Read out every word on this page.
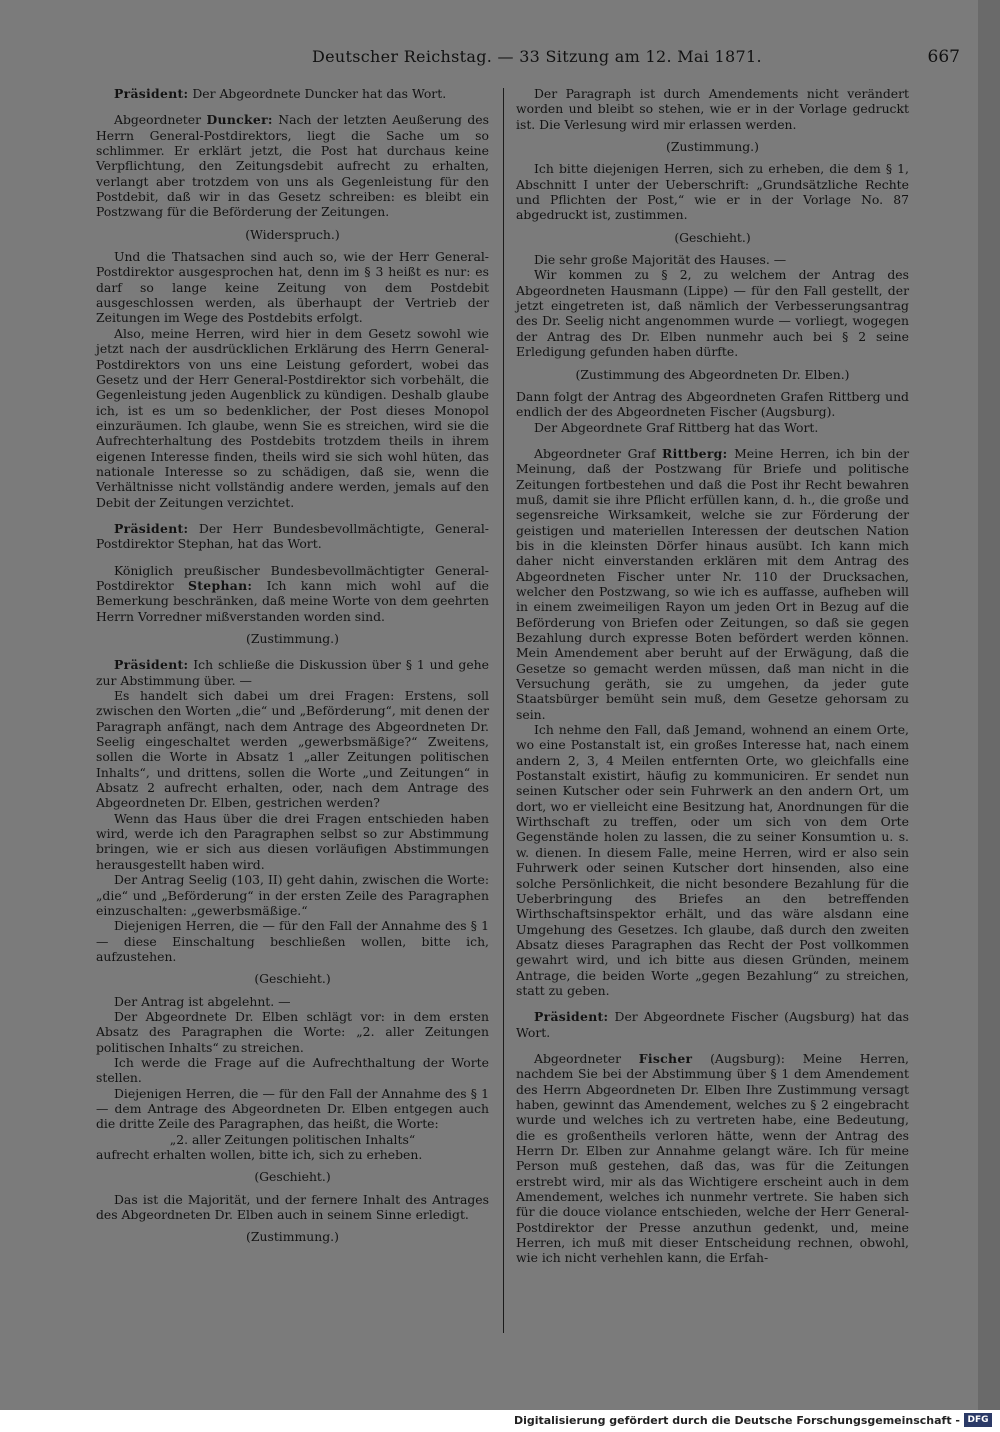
Deutscher Reichstag. — 33 Sitzung am 12. Mai 1871.	667

Präsident: Der Abgeordnete Duncker hat das Wort.

Abgeordneter Duncker: Nach der letzten Aeußerung des Herrn General-Postdirektors, liegt die Sache um so schlimmer. Er erklärt jetzt, die Post hat durchaus keine Verpflichtung, den Zeitungsdebit aufrecht zu erhalten, verlangt aber trotzdem von uns als Gegenleistung für den Postdebit, daß wir in das Gesetz schreiben: es bleibt ein Postzwang für die Beförderung der Zeitungen.

(Widerspruch.)

Und die Thatsachen sind auch so, wie der Herr General-Postdirektor ausgesprochen hat, denn im § 3 heißt es nur: es darf so lange keine Zeitung von dem Postdebit ausgeschlossen werden, als überhaupt der Vertrieb der Zeitungen im Wege des Postdebits erfolgt.

Also, meine Herren, wird hier in dem Gesetz sowohl wie jetzt nach der ausdrücklichen Erklärung des Herrn General-Postdirektors von uns eine Leistung gefordert, wobei das Gesetz und der Herr General-Postdirektor sich vorbehält, die Gegenleistung jeden Augenblick zu kündigen. Deshalb glaube ich, ist es um so bedenklicher, der Post dieses Monopol einzuräumen. Ich glaube, wenn Sie es streichen, wird sie die Aufrechterhaltung des Postdebits trotzdem theils in ihrem eigenen Interesse finden, theils wird sie sich wohl hüten, das nationale Interesse so zu schädigen, daß sie, wenn die Verhältnisse nicht vollständig andere werden, jemals auf den Debit der Zeitungen verzichtet.

Präsident: Der Herr Bundesbevollmächtigte, General-Postdirektor Stephan, hat das Wort.

Königlich preußischer Bundesbevollmächtigter General-Postdirektor Stephan: Ich kann mich wohl auf die Bemerkung beschränken, daß meine Worte von dem geehrten Herrn Vorredner mißverstanden worden sind.

(Zustimmung.)

Präsident: Ich schließe die Diskussion über § 1 und gehe zur Abstimmung über. —

Es handelt sich dabei um drei Fragen: Erstens, soll zwischen den Worten „die“ und „Beförderung“, mit denen der Paragraph anfängt, nach dem Antrage des Abgeordneten Dr. Seelig eingeschaltet werden „gewerbsmäßige?“ Zweitens, sollen die Worte in Absatz 1 „aller Zeitungen politischen Inhalts“, und drittens, sollen die Worte „und Zeitungen“ in Absatz 2 aufrecht erhalten, oder, nach dem Antrage des Abgeordneten Dr. Elben, gestrichen werden?

Wenn das Haus über die drei Fragen entschieden haben wird, werde ich den Paragraphen selbst so zur Abstimmung bringen, wie er sich aus diesen vorläufigen Abstimmungen herausgestellt haben wird.

Der Antrag Seelig (103, II) geht dahin, zwischen die Worte: „die“ und „Beförderung“ in der ersten Zeile des Paragraphen einzuschalten: „gewerbsmäßige.“

Diejenigen Herren, die — für den Fall der Annahme des § 1 — diese Einschaltung beschließen wollen, bitte ich, aufzustehen.

(Geschieht.)

Der Antrag ist abgelehnt. —

Der Abgeordnete Dr. Elben schlägt vor: in dem ersten Absatz des Paragraphen die Worte: „2. aller Zeitungen politischen Inhalts“ zu streichen.

Ich werde die Frage auf die Aufrechthaltung der Worte stellen.

Diejenigen Herren, die — für den Fall der Annahme des § 1 — dem Antrage des Abgeordneten Dr. Elben entgegen auch die dritte Zeile des Paragraphen, das heißt, die Worte:

„2. aller Zeitungen politischen Inhalts“

aufrecht erhalten wollen, bitte ich, sich zu erheben.

(Geschieht.)

Das ist die Majorität, und der fernere Inhalt des Antrages des Abgeordneten Dr. Elben auch in seinem Sinne erledigt.

(Zustimmung.)

Der Paragraph ist durch Amendements nicht verändert worden und bleibt so stehen, wie er in der Vorlage gedruckt ist. Die Verlesung wird mir erlassen werden.

(Zustimmung.)

Ich bitte diejenigen Herren, sich zu erheben, die dem § 1, Abschnitt I unter der Ueberschrift: „Grundsätzliche Rechte und Pflichten der Post,“ wie er in der Vorlage No. 87 abgedruckt ist, zustimmen.

(Geschieht.)

Die sehr große Majorität des Hauses. —

Wir kommen zu § 2, zu welchem der Antrag des Abgeordneten Hausmann (Lippe) — für den Fall gestellt, der jetzt eingetreten ist, daß nämlich der Verbesserungsantrag des Dr. Seelig nicht angenommen wurde — vorliegt, wogegen der Antrag des Dr. Elben nunmehr auch bei § 2 seine Erledigung gefunden haben dürfte.

(Zustimmung des Abgeordneten Dr. Elben.)

Dann folgt der Antrag des Abgeordneten Grafen Rittberg und endlich der des Abgeordneten Fischer (Augsburg).

Der Abgeordnete Graf Rittberg hat das Wort.

Abgeordneter Graf Rittberg: Meine Herren, ich bin der Meinung, daß der Postzwang für Briefe und politische Zeitungen fortbestehen und daß die Post ihr Recht bewahren muß, damit sie ihre Pflicht erfüllen kann, d. h., die große und segensreiche Wirksamkeit, welche sie zur Förderung der geistigen und materiellen Interessen der deutschen Nation bis in die kleinsten Dörfer hinaus ausübt. Ich kann mich daher nicht einverstanden erklären mit dem Antrag des Abgeordneten Fischer unter Nr. 110 der Drucksachen, welcher den Postzwang, so wie ich es auffasse, aufheben will in einem zweimeiligen Rayon um jeden Ort in Bezug auf die Beförderung von Briefen oder Zeitungen, so daß sie gegen Bezahlung durch expresse Boten befördert werden können. Mein Amendement aber beruht auf der Erwägung, daß die Gesetze so gemacht werden müssen, daß man nicht in die Versuchung geräth, sie zu umgehen, da jeder gute Staatsbürger bemüht sein muß, dem Gesetze gehorsam zu sein.

Ich nehme den Fall, daß Jemand, wohnend an einem Orte, wo eine Postanstalt ist, ein großes Interesse hat, nach einem andern 2, 3, 4 Meilen entfernten Orte, wo gleichfalls eine Postanstalt existirt, häufig zu kommuniciren. Er sendet nun seinen Kutscher oder sein Fuhrwerk an den andern Ort, um dort, wo er vielleicht eine Besitzung hat, Anordnungen für die Wirthschaft zu treffen, oder um sich von dem Orte Gegenstände holen zu lassen, die zu seiner Konsumtion u. s. w. dienen. In diesem Falle, meine Herren, wird er also sein Fuhrwerk oder seinen Kutscher dort hinsenden, also eine solche Persönlichkeit, die nicht besondere Bezahlung für die Ueberbringung des Briefes an den betreffenden Wirthschaftsinspektor erhält, und das wäre alsdann eine Umgehung des Gesetzes. Ich glaube, daß durch den zweiten Absatz dieses Paragraphen das Recht der Post vollkommen gewahrt wird, und ich bitte aus diesen Gründen, meinem Antrage, die beiden Worte „gegen Bezahlung“ zu streichen, statt zu geben.

Präsident: Der Abgeordnete Fischer (Augsburg) hat das Wort.

Abgeordneter Fischer (Augsburg): Meine Herren, nachdem Sie bei der Abstimmung über § 1 dem Amendement des Herrn Abgeordneten Dr. Elben Ihre Zustimmung versagt haben, gewinnt das Amendement, welches zu § 2 eingebracht wurde und welches ich zu vertreten habe, eine Bedeutung, die es großentheils verloren hätte, wenn der Antrag des Herrn Dr. Elben zur Annahme gelangt wäre. Ich für meine Person muß gestehen, daß das, was für die Zeitungen erstrebt wird, mir als das Wichtigere erscheint auch in dem Amendement, welches ich nunmehr vertrete. Sie haben sich für die douce violance entschieden, welche der Herr General-Postdirektor der Presse anzuthun gedenkt, und, meine Herren, ich muß mit dieser Entscheidung rechnen, obwohl, wie ich nicht verhehlen kann, die Erfah-

Digitalisierung gefördert durch die Deutsche Forschungsgemeinschaft - DFG
